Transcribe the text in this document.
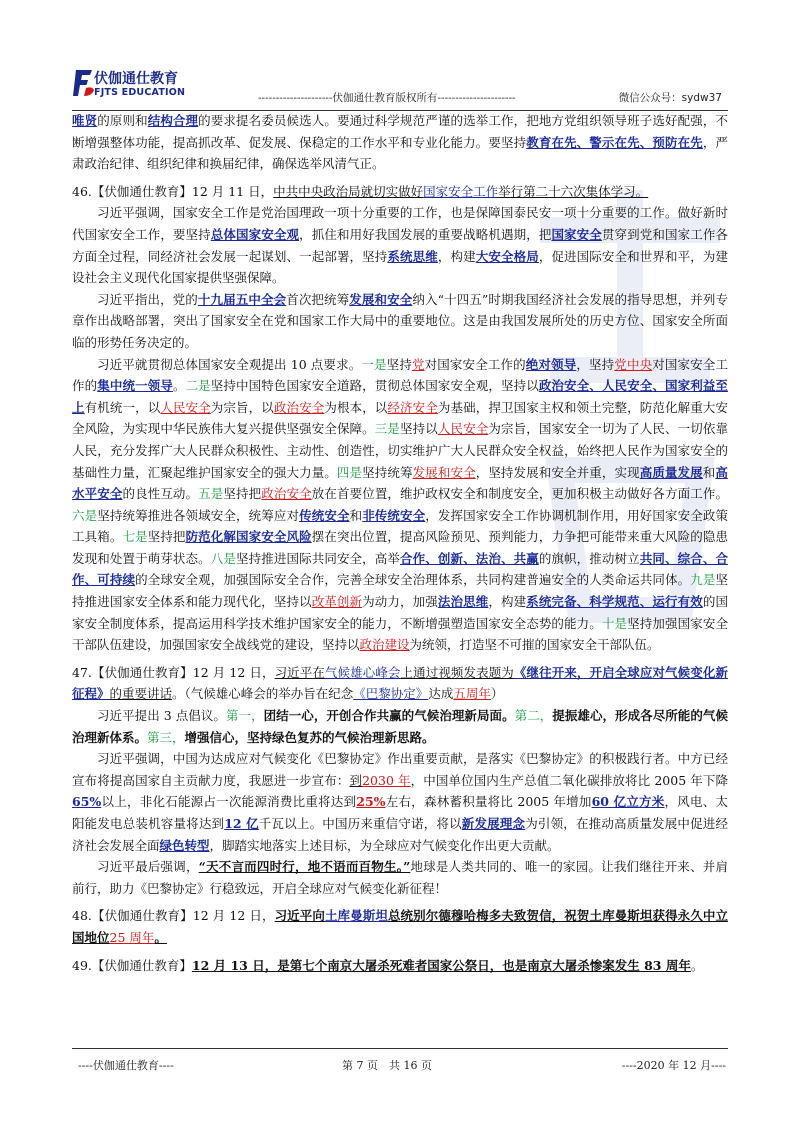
伏伽通仕教育
FJTS EDUCATION	---------------------伏伽通仕教育版权所有----------------------	微信公众号：sydw37

唯贤的原则和结构合理的要求提名委员候选人。要通过科学规范严谨的选举工作，把地方党组织领导班子选好配强，不断增强整体功能，提高抓改革、促发展、保稳定的工作水平和专业化能力。要坚持教育在先、警示在先、预防在先，严肃政治纪律、组织纪律和换届纪律，确保选举风清气正。

46.【伏伽通仕教育】12 月 11 日，中共中央政治局就切实做好国家安全工作举行第二十六次集体学习。

习近平强调，国家安全工作是党治国理政一项十分重要的工作，也是保障国泰民安一项十分重要的工作。做好新时代国家安全工作，要坚持总体国家安全观，抓住和用好我国发展的重要战略机遇期，把国家安全贯穿到党和国家工作各方面全过程，同经济社会发展一起谋划、一起部署，坚持系统思维，构建大安全格局，促进国际安全和世界和平，为建设社会主义现代化国家提供坚强保障。

习近平指出，党的十九届五中全会首次把统筹发展和安全纳入“十四五”时期我国经济社会发展的指导思想，并列专章作出战略部署，突出了国家安全在党和国家工作大局中的重要地位。这是由我国发展所处的历史方位、国家安全所面临的形势任务决定的。

习近平就贯彻总体国家安全观提出 10 点要求。一是坚持党对国家安全工作的绝对领导，坚持党中央对国家安全工作的集中统一领导。二是坚持中国特色国家安全道路，贯彻总体国家安全观，坚持以政治安全、人民安全、国家利益至上有机统一，以人民安全为宗旨，以政治安全为根本，以经济安全为基础，捍卫国家主权和领土完整，防范化解重大安全风险，为实现中华民族伟大复兴提供坚强安全保障。三是坚持以人民安全为宗旨，国家安全一切为了人民、一切依靠人民，充分发挥广大人民群众积极性、主动性、创造性，切实维护广大人民群众安全权益，始终把人民作为国家安全的基础性力量，汇聚起维护国家安全的强大力量。四是坚持统筹发展和安全，坚持发展和安全并重，实现高质量发展和高水平安全的良性互动。五是坚持把政治安全放在首要位置，维护政权安全和制度安全，更加积极主动做好各方面工作。六是坚持统筹推进各领域安全，统筹应对传统安全和非传统安全，发挥国家安全工作协调机制作用，用好国家安全政策工具箱。七是坚持把防范化解国家安全风险摆在突出位置，提高风险预见、预判能力，力争把可能带来重大风险的隐患发现和处置于萌芽状态。八是坚持推进国际共同安全，高举合作、创新、法治、共赢的旗帜，推动树立共同、综合、合作、可持续的全球安全观，加强国际安全合作，完善全球安全治理体系，共同构建普遍安全的人类命运共同体。九是坚持推进国家安全体系和能力现代化，坚持以改革创新为动力，加强法治思维，构建系统完备、科学规范、运行有效的国家安全制度体系，提高运用科学技术维护国家安全的能力，不断增强塑造国家安全态势的能力。十是坚持加强国家安全干部队伍建设，加强国家安全战线党的建设，坚持以政治建设为统领，打造坚不可摧的国家安全干部队伍。

47.【伏伽通仕教育】12 月 12 日，习近平在气候雄心峰会上通过视频发表题为《继往开来，开启全球应对气候变化新征程》的重要讲话。（气候雄心峰会的举办旨在纪念《巴黎协定》达成五周年）

习近平提出 3 点倡议。第一，团结一心，开创合作共赢的气候治理新局面。第二，提振雄心，形成各尽所能的气候治理新体系。第三，增强信心，坚持绿色复苏的气候治理新思路。

习近平强调，中国为达成应对气候变化《巴黎协定》作出重要贡献，是落实《巴黎协定》的积极践行者。中方已经宣布将提高国家自主贡献力度，我愿进一步宣布：到2030 年，中国单位国内生产总值二氧化碳排放将比 2005 年下降65%以上，非化石能源占一次能源消费比重将达到25%左右，森林蓄积量将比 2005 年增加60 亿立方米，风电、太阳能发电总装机容量将达到12 亿千瓦以上。中国历来重信守诺，将以新发展理念为引领，在推动高质量发展中促进经济社会发展全面绿色转型，脚踏实地落实上述目标，为全球应对气候变化作出更大贡献。

习近平最后强调，“天不言而四时行，地不语而百物生。”地球是人类共同的、唯一的家园。让我们继往开来、并肩前行，助力《巴黎协定》行稳致远，开启全球应对气候变化新征程！

48.【伏伽通仕教育】12 月 12 日，习近平向土库曼斯坦总统别尔德穆哈梅多夫致贺信，祝贺土库曼斯坦获得永久中立国地位25 周年。

49.【伏伽通仕教育】12 月 13 日，是第七个南京大屠杀死难者国家公祭日，也是南京大屠杀惨案发生 83 周年。

----伏伽通仕教育----	第 7 页　共 16 页	----2020 年 12 月----
